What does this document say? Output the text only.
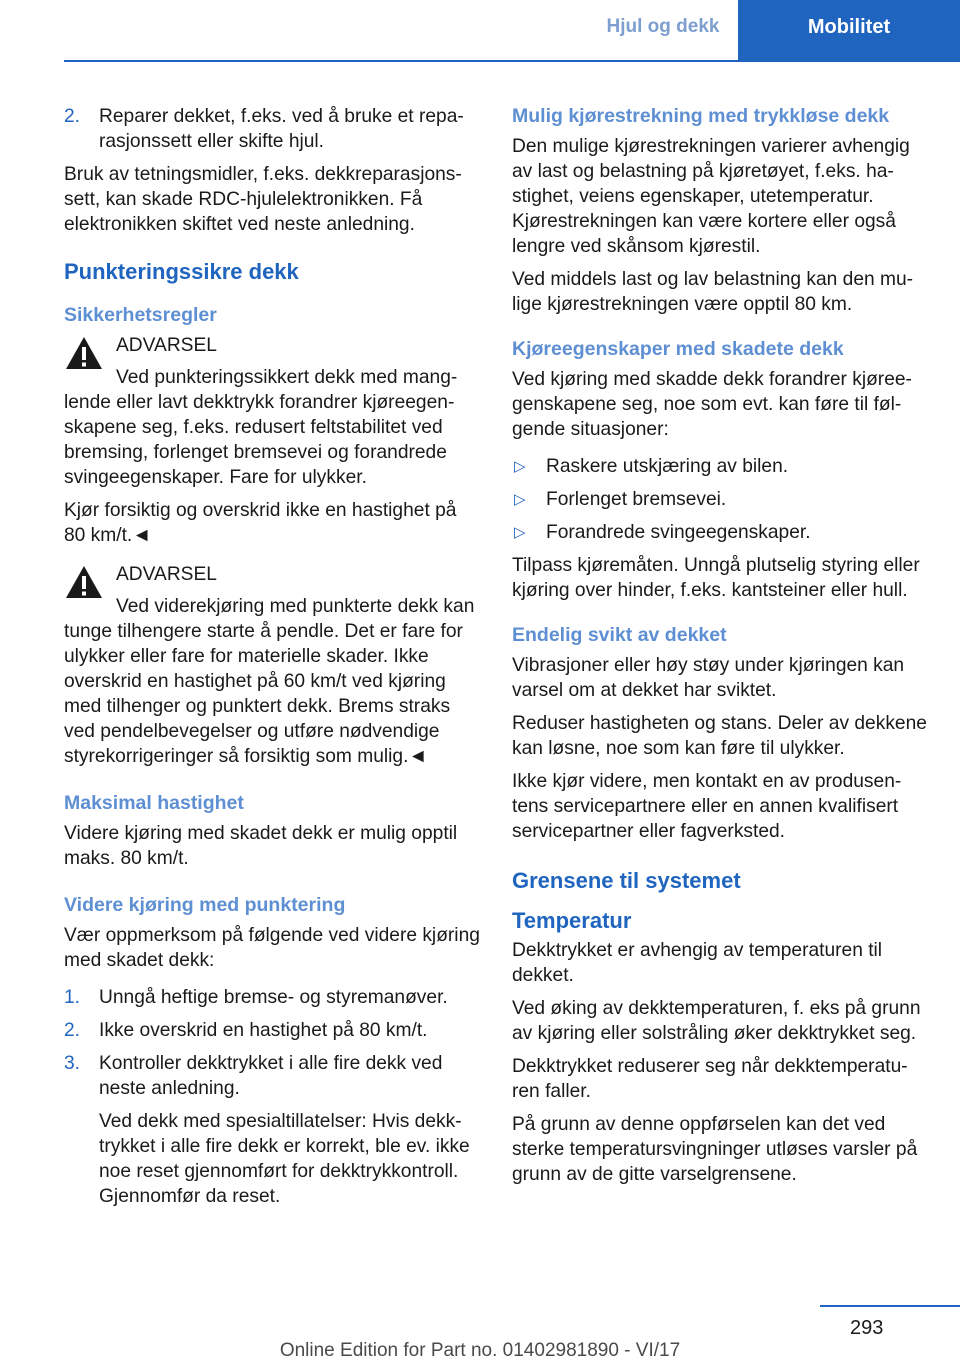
Hjul og dekk	Mobilitet
2. Reparer dekket, f.eks. ved å bruke et reparasjonssett eller skifte hjul.

Bruk av tetningsmidler, f.eks. dekkreparasjonssett, kan skade RDC-hjulelektronikken. Få elektronikken skiftet ved neste anledning.

Punkteringssikre dekk
Sikkerhetsregler
ADVARSEL

Ved punkteringssikkert dekk med manglende eller lavt dekktrykk forandrer kjøreegenskapene seg, f.eks. redusert feltstabilitet ved bremsing, forlenget bremsevei og forandrede svingeegenskaper. Fare for ulykker.

Kjør forsiktig og overskrid ikke en hastighet på 80 km/t.◄

ADVARSEL

Ved viderekjøring med punkterte dekk kan tunge tilhengere starte å pendle. Det er fare for ulykker eller fare for materielle skader. Ikke overskrid en hastighet på 60 km/t ved kjøring med tilhenger og punktert dekk. Brems straks ved pendelbevegelser og utføre nødvendige styrekorrigeringer så forsiktig som mulig.◄

Maksimal hastighet

Videre kjøring med skadet dekk er mulig opptil maks. 80 km/t.

Videre kjøring med punktering

Vær oppmerksom på følgende ved videre kjøring med skadet dekk:

1. Unngå heftige bremse- og styremanøver.
2. Ikke overskrid en hastighet på 80 km/t.
3. Kontroller dekktrykket i alle fire dekk ved neste anledning.
Ved dekk med spesialtillatelser: Hvis dekktrykket i alle fire dekk er korrekt, ble ev. ikke noe reset gjennomført for dekktrykkontroll. Gjennomfør da reset.
Mulig kjørestrekning med trykkløse dekk

Den mulige kjørestrekningen varierer avhengig av last og belastning på kjøretøyet, f.eks. hastighet, veiens egenskaper, utetemperatur. Kjørestrekningen kan være kortere eller også lengre ved skånsom kjørestil.

Ved middels last og lav belastning kan den mulige kjørestrekningen være opptil 80 km.

Kjøreegenskaper med skadete dekk

Ved kjøring med skadde dekk forandrer kjøreegenskapene seg, noe som evt. kan føre til følgende situasjoner:

▷ Raskere utskjæring av bilen.
▷ Forlenget bremsevei.
▷ Forandrede svingeegenskaper.

Tilpass kjøremåten. Unngå plutselig styring eller kjøring over hinder, f.eks. kantsteiner eller hull.

Endelig svikt av dekket

Vibrasjoner eller høy støy under kjøringen kan varsel om at dekket har sviktet.

Reduser hastigheten og stans. Deler av dekkene kan løsne, noe som kan føre til ulykker.

Ikke kjør videre, men kontakt en av produsentens servicepartnere eller en annen kvalifisert servicepartner eller fagverksted.

Grensene til systemet
Temperatur

Dekktrykket er avhengig av temperaturen til dekket.

Ved øking av dekktemperaturen, f. eks på grunn av kjøring eller solstråling øker dekktrykket seg.

Dekktrykket reduserer seg når dekktemperaturen faller.

På grunn av denne oppførselen kan det ved sterke temperatursvingninger utløses varsler på grunn av de gitte varselgrensene.

293
Online Edition for Part no. 01402981890 - VI/17
